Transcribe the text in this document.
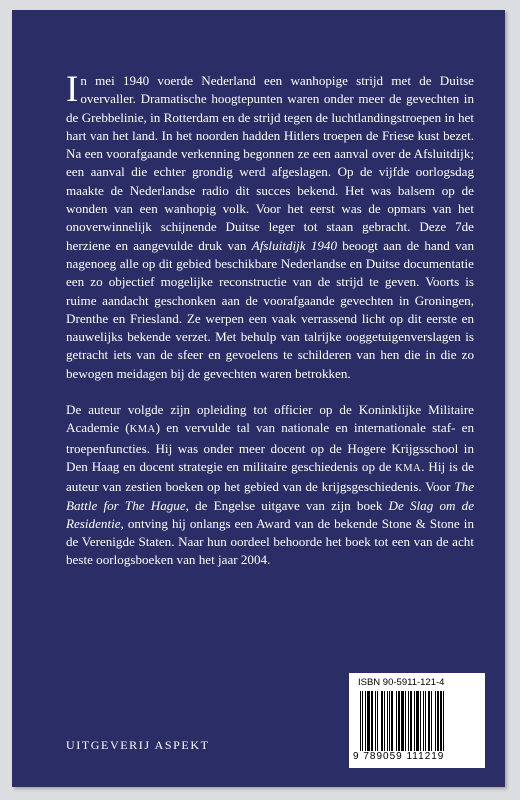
In mei 1940 voerde Nederland een wanhopige strijd met de Duitse overvaller. Dramatische hoogtepunten waren onder meer de gevechten in de Grebbelinie, in Rotterdam en de strijd tegen de luchtlandingstroepen in het hart van het land. In het noorden hadden Hitlers troepen de Friese kust bezet. Na een voorafgaande verkenning begonnen ze een aanval over de Afsluitdijk; een aanval die echter grondig werd afgeslagen. Op de vijfde oorlogsdag maakte de Nederlandse radio dit succes bekend. Het was balsem op de wonden van een wanhopig volk. Voor het eerst was de opmars van het onoverwinnelijk schijnende Duitse leger tot staan gebracht. Deze 7de herziene en aangevulde druk van Afsluitdijk 1940 beoogt aan de hand van nagenoeg alle op dit gebied beschikbare Nederlandse en Duitse documentatie een zo objectief mogelijke reconstructie van de strijd te geven. Voorts is ruime aandacht geschonken aan de voorafgaande gevechten in Groningen, Drenthe en Friesland. Ze werpen een vaak verrassend licht op dit eerste en nauwelijks bekende verzet. Met behulp van talrijke ooggetuigenverslagen is getracht iets van de sfeer en gevoelens te schilderen van hen die in die zo bewogen meidagen bij de gevechten waren betrokken.

De auteur volgde zijn opleiding tot officier op de Koninklijke Militaire Academie (KMA) en vervulde tal van nationale en internationale staf- en troepenfuncties. Hij was onder meer docent op de Hogere Krijgsschool in Den Haag en docent strategie en militaire geschiedenis op de KMA. Hij is de auteur van zestien boeken op het gebied van de krijgsgeschiedenis. Voor The Battle for The Hague, de Engelse uitgave van zijn boek De Slag om de Residentie, ontving hij onlangs een Award van de bekende Stone & Stone in de Verenigde Staten. Naar hun oordeel behoorde het boek tot een van de acht beste oorlogsboeken van het jaar 2004.

ISBN 90-5911-121-4
9 789059 111219
UITGEVERIJ ASPEKT
